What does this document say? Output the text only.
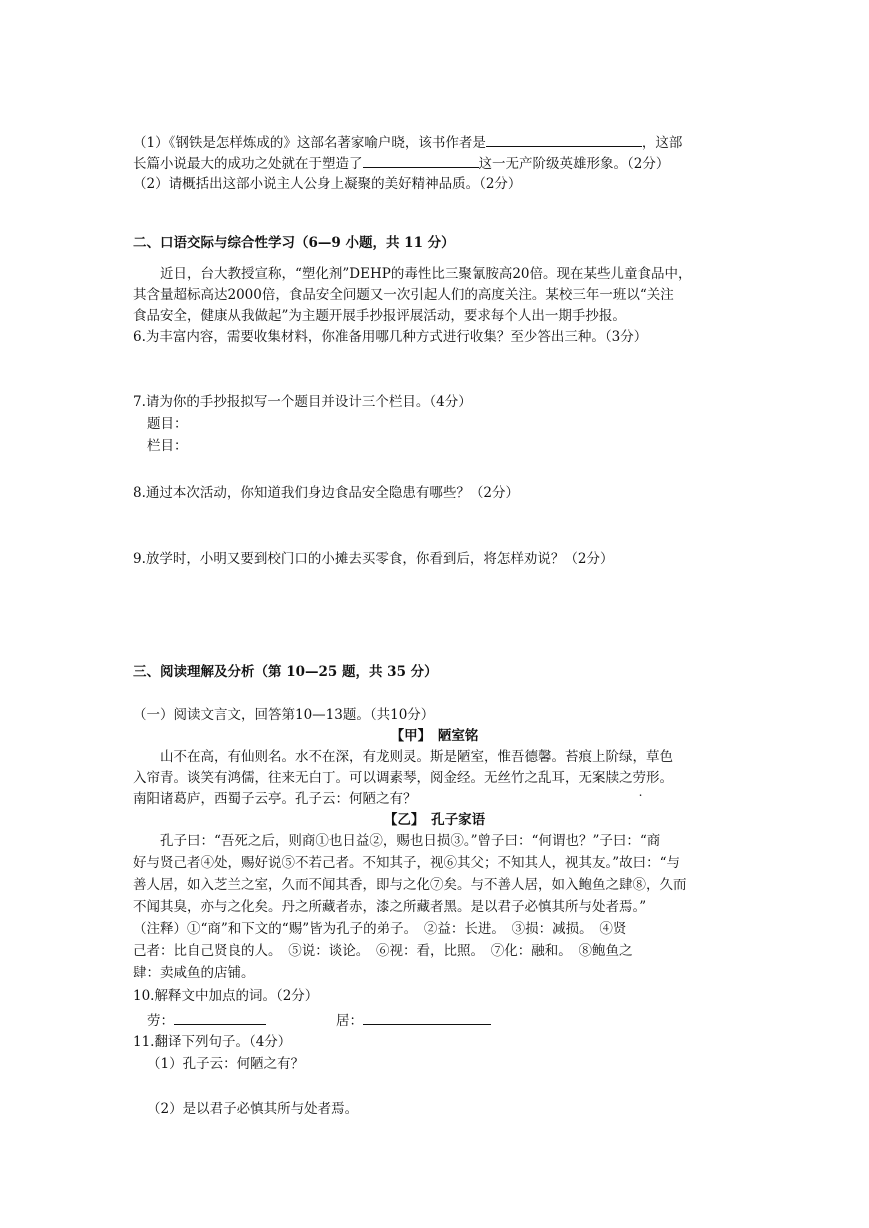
（1）《钢铁是怎样炼成的》这部名著家喻户晓，该书作者是	，这部
长篇小说最大的成功之处就在于塑造了	这一无产阶级英雄形象。（2分）
（2）请概括出这部小说主人公身上凝聚的美好精神品质。（2分）
二、口语交际与综合性学习（6—9 小题，共 11 分）
近日，台大教授宣称，“塑化剂”DEHP的毒性比三聚氰胺高20倍。现在某些儿童食品中，
其含量超标高达2000倍，食品安全问题又一次引起人们的高度关注。某校三年一班以“关注
食品安全，健康从我做起”为主题开展手抄报评展活动，要求每个人出一期手抄报。
6.为丰富内容，需要收集材料，你准备用哪几种方式进行收集？至少答出三种。（3分）
7.请为你的手抄报拟写一个题目并设计三个栏目。（4分）
题目：
栏目：
8.通过本次活动，你知道我们身边食品安全隐患有哪些？（2分）
9.放学时，小明又要到校门口的小摊去买零食，你看到后，将怎样劝说？（2分）
三、阅读理解及分析（第 10—25 题，共 35 分）
（一）阅读文言文，回答第10—13题。（共10分）
【甲】　陋室铭
山不在高，有仙则名。水不在深，有龙则灵。斯是陋室，惟吾德馨。苔痕上阶绿，草色
入帘青。谈笑有鸿儒，往来无白丁。可以调素琴，阅金经。无丝竹之乱耳，无案牍之劳形。
南阳诸葛庐，西蜀子云亭。孔子云：何陋之有？
【乙】　孔子家语
孔子曰：“吾死之后，则商①也日益②，赐也日损③。”曾子曰：“何谓也？”子曰：“商
好与贤己者④处，赐好说⑤不若己者。不知其子，视⑥其父；不知其人，视其友。”故曰：“与
善人居，如入芝兰之室，久而不闻其香，即与之化⑦矣。与不善人居，如入鲍鱼之肆⑧，久而
不闻其臭，亦与之化矣。丹之所藏者赤，漆之所藏者黑。是以君子必慎其所与处者焉。”
（注释）①“商”和下文的“赐”皆为孔子的弟子。　②益：长进。　③损：减损。　④贤
己者：比自己贤良的人。　⑤说：谈论。　⑥视：看，比照。　⑦化：融和。　⑧鲍鱼之
肆：卖咸鱼的店铺。
10.解释文中加点的词。（2分）
劳：	居：
11.翻译下列句子。（4分）
（1）孔子云：何陋之有？
（2）是以君子必慎其所与处者焉。
